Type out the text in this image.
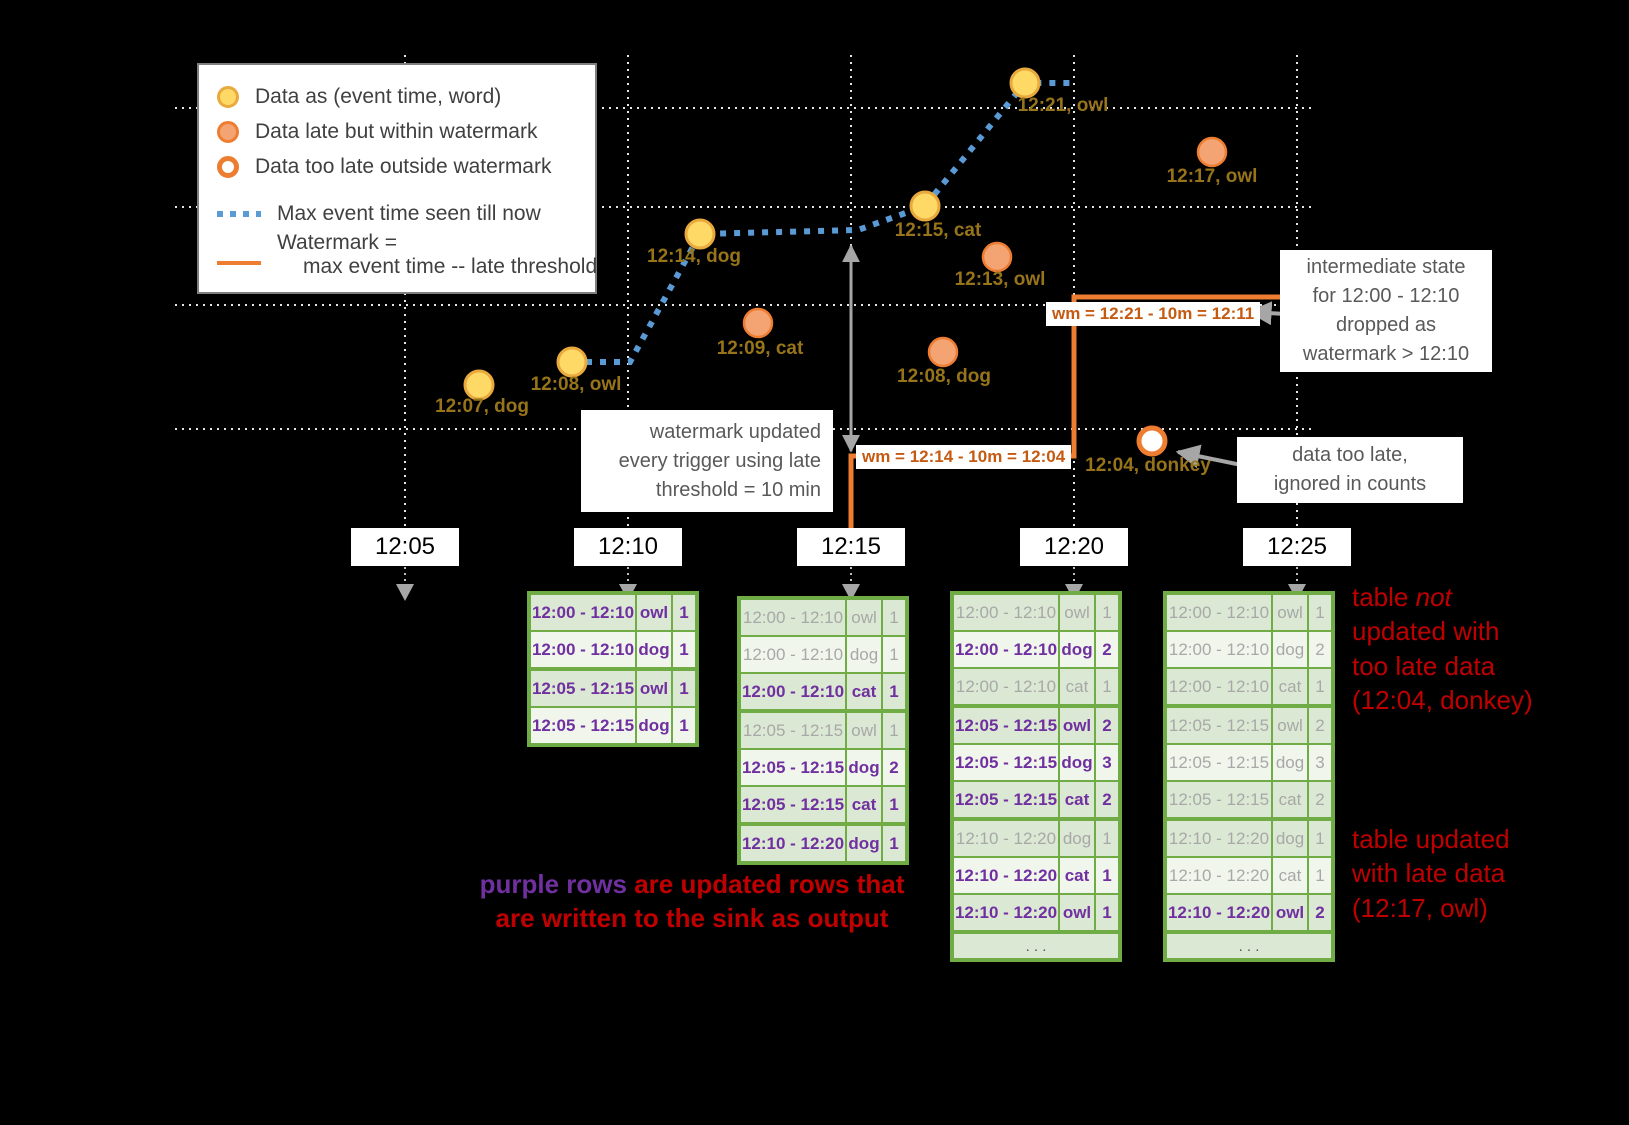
12:07, dog
12:08, owl
12:14, dog
12:15, cat
12:21, owl
12:09, cat
12:08, dog
12:13, owl
12:17, owl
12:04, donkey
wm = 12:14 - 10m = 12:04
wm = 12:21 - 10m = 12:11
Data as (event time, word)
Data late but within watermark
Data too late outside watermark
Max event time seen till now
Watermark =
max event time -- late threshold
watermark updated
every trigger using late
threshold = 10 min
intermediate state
for 12:00 - 12:10
dropped as
watermark > 12:10
data too late,
ignored in counts
12:05	12:10	12:15	12:20	12:25
12:00 - 12:10 owl 1
12:00 - 12:10 dog 1
12:05 - 12:15 owl 1
12:05 - 12:15 dog 1
12:00 - 12:10 owl 1
12:00 - 12:10 dog 1
12:00 - 12:10 cat 1
12:05 - 12:15 owl 1
12:05 - 12:15 dog 2
12:05 - 12:15 cat 1
12:10 - 12:20 dog 1
12:00 - 12:10 owl 1
12:00 - 12:10 dog 2
12:00 - 12:10 cat 1
12:05 - 12:15 owl 2
12:05 - 12:15 dog 3
12:05 - 12:15 cat 2
12:10 - 12:20 dog 1
12:10 - 12:20 cat 1
12:10 - 12:20 owl 1
. . .
12:00 - 12:10 owl 1
12:00 - 12:10 dog 2
12:00 - 12:10 cat 1
12:05 - 12:15 owl 2
12:05 - 12:15 dog 3
12:05 - 12:15 cat 2
12:10 - 12:20 dog 1
12:10 - 12:20 cat 1
12:10 - 12:20 owl 2
. . .
table not
updated with
too late data
(12:04, donkey)
table updated
with late data
(12:17, owl)
purple rows are updated rows that
are written to the sink as output
